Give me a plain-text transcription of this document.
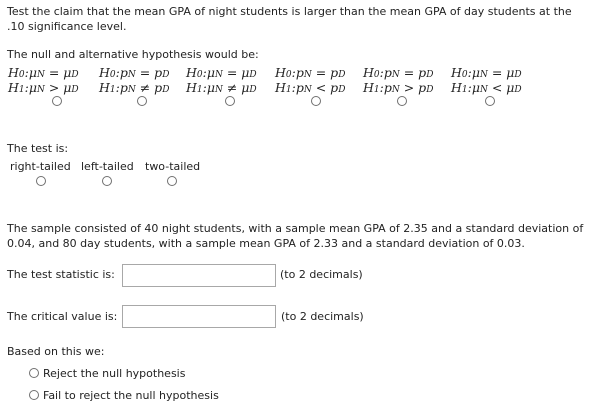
Test the claim that the mean GPA of night students is larger than the mean GPA of day students at the .10 significance level.
The null and alternative hypothesis would be:
H0:μN = μD
H1:μN > μD
H0:pN = pD
H1:pN ≠ pD
H0:μN = μD
H1:μN ≠ μD
H0:pN = pD
H1:pN < pD
H0:pN = pD
H1:pN > pD
H0:μN = μD
H1:μN < μD
The test is:
right-tailed left-tailed two-tailed
The sample consisted of 40 night students, with a sample mean GPA of 2.35 and a standard deviation of 0.04, and 80 day students, with a sample mean GPA of 2.33 and a standard deviation of 0.03.
The test statistic is:	(to 2 decimals)
The critical value is:	(to 2 decimals)
Based on this we:
Reject the null hypothesis
Fail to reject the null hypothesis
